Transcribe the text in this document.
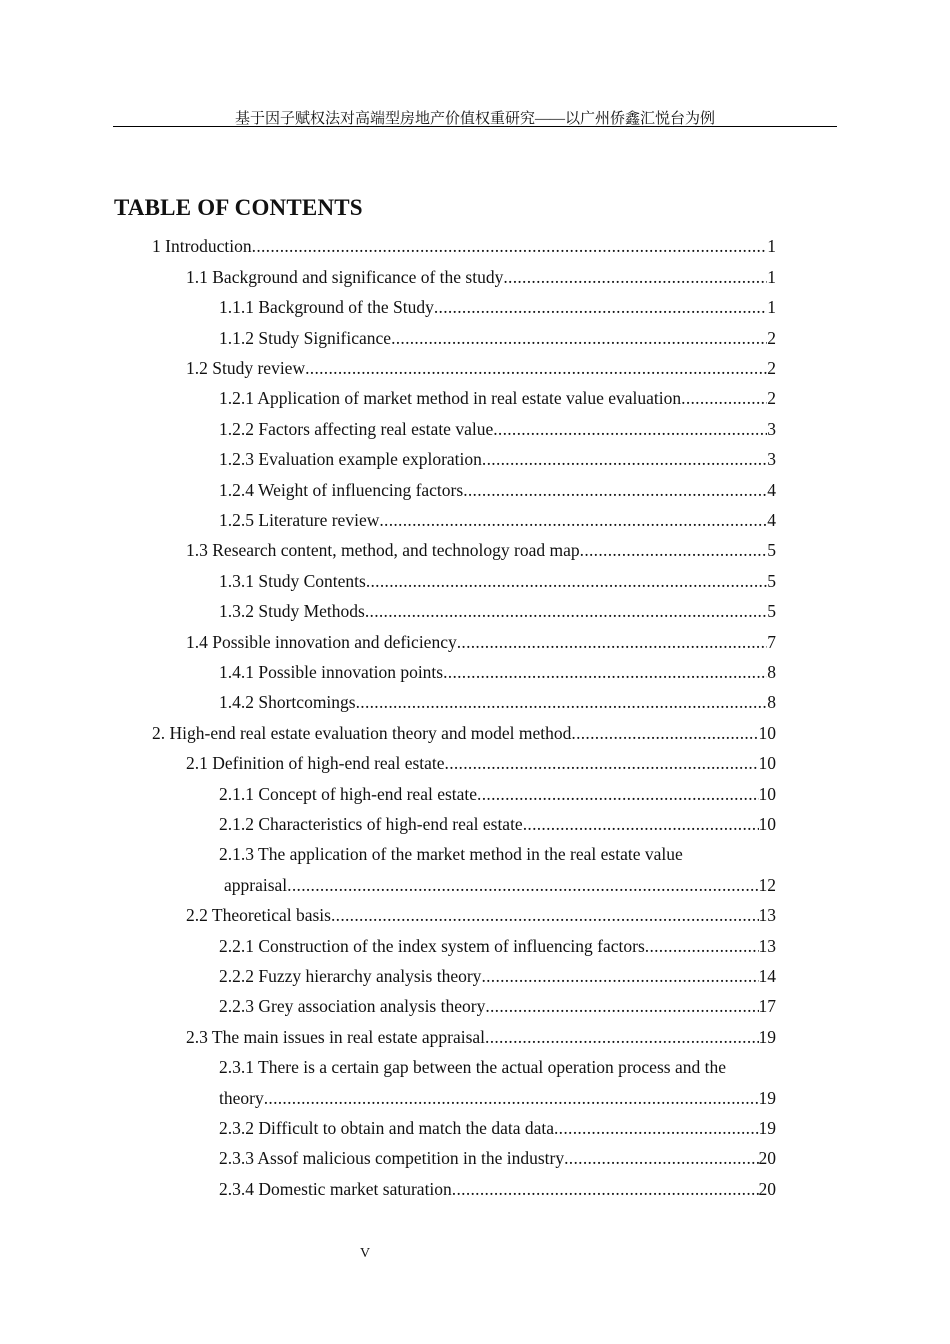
基于因子赋权法对高端型房地产价值权重研究——以广州侨鑫汇悦台为例
TABLE OF CONTENTS
1 Introduction .....	1
1.1 Background and significance of the study .....	1
1.1.1 Background of the Study .....	1
1.1.2 Study Significance .....	2
1.2 Study review .....	2
1.2.1 Application of market method in real estate value evaluation .....	2
1.2.2 Factors affecting real estate value .....	3
1.2.3 Evaluation example exploration .....	3
1.2.4 Weight of influencing factors .....	4
1.2.5 Literature review .....	4
1.3 Research content, method, and technology road map .....	5
1.3.1 Study Contents .....	5
1.3.2 Study Methods .....	5
1.4 Possible innovation and deficiency .....	7
1.4.1 Possible innovation points .....	8
1.4.2 Shortcomings .....	8
2. High-end real estate evaluation theory and model method .....	10
2.1 Definition of high-end real estate .....	10
2.1.1 Concept of high-end real estate .....	10
2.1.2 Characteristics of high-end real estate .....	10
2.1.3 The application of the market method in the real estate value
appraisal .....	12
2.2 Theoretical basis .....	13
2.2.1 Construction of the index system of influencing factors .....	13
2.2.2 Fuzzy hierarchy analysis theory .....	14
2.2.3 Grey association analysis theory .....	17
2.3 The main issues in real estate appraisal .....	19
2.3.1 There is a certain gap between the actual operation process and the
theory .....	19
2.3.2 Difficult to obtain and match the data data .....	19
2.3.3 Assof malicious competition in the industry .....	20
2.3.4 Domestic market saturation .....	20
V
